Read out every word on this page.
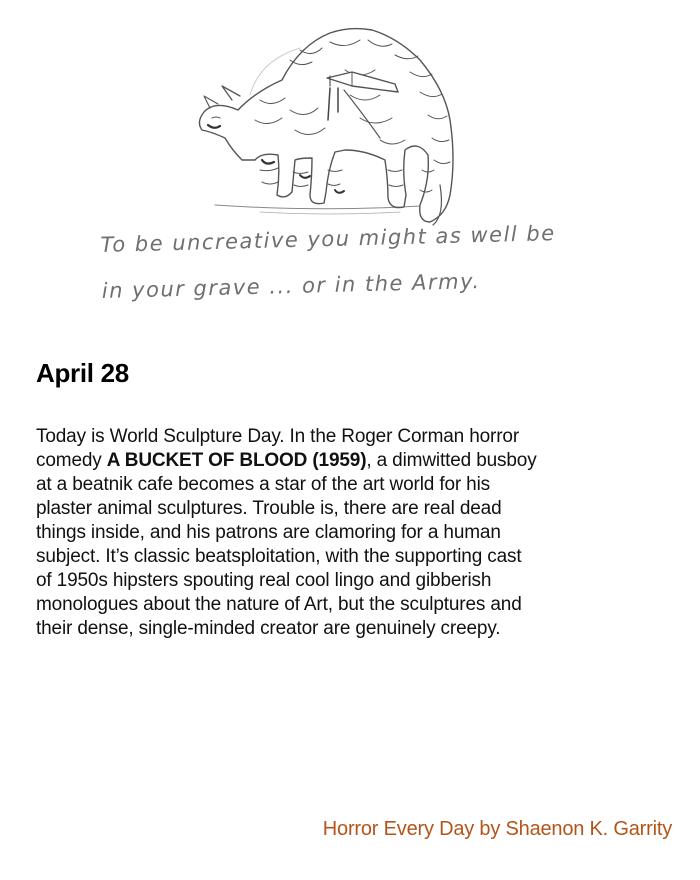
To be uncreative you might as well be
in your grave ... or in the Army.
April 28
Today is World Sculpture Day. In the Roger Corman horror
comedy A BUCKET OF BLOOD (1959), a dimwitted busboy
at a beatnik cafe becomes a star of the art world for his
plaster animal sculptures. Trouble is, there are real dead
things inside, and his patrons are clamoring for a human
subject. It’s classic beatsploitation, with the supporting cast
of 1950s hipsters spouting real cool lingo and gibberish
monologues about the nature of Art, but the sculptures and
their dense, single-minded creator are genuinely creepy.
Horror Every Day by Shaenon K. Garrity
